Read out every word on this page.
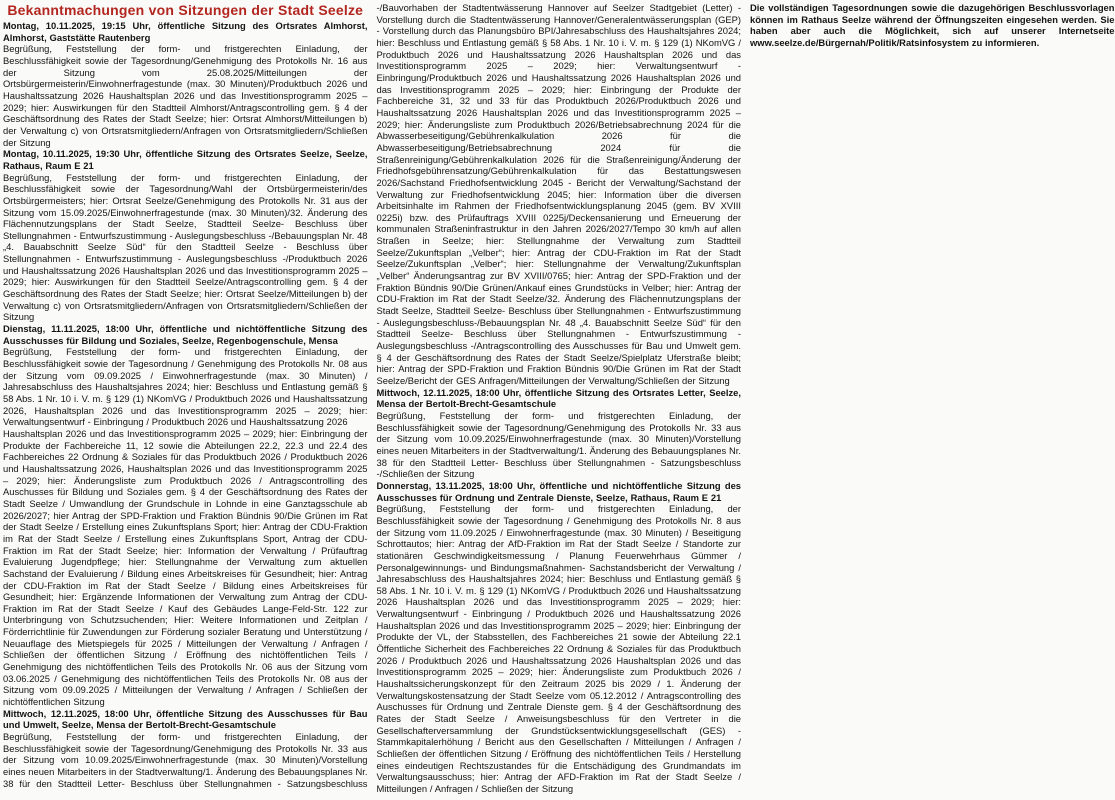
Bekanntmachungen von Sitzungen der Stadt Seelze
Montag, 10.11.2025, 19:15 Uhr, öffentliche Sitzung des Ortsrates Almhorst, Almhorst, Gaststätte Rautenberg

Begrüßung, Feststellung der form- und fristgerechten Einladung, der Beschlussfähigkeit sowie der Tagesordnung/Genehmigung des Protokolls Nr. 16 aus der Sitzung vom 25.08.2025/Mitteilungen der Ortsbürgermeisterin/Einwohnerfragestunde (max. 30 Minuten)/Produktbuch 2026 und Haushaltssatzung 2026 Haushaltsplan 2026 und das Investitionsprogramm 2025 – 2029; hier: Auswirkungen für den Stadtteil Almhorst/Antragscontrolling gem. § 4 der Geschäftsordnung des Rates der Stadt Seelze; hier: Ortsrat Almhorst/Mitteilungen b) der Verwaltung c) von Ortsratsmitgliedern/Anfragen von Ortsratsmitgliedern/Schließen der Sitzung

Montag, 10.11.2025, 19:30 Uhr, öffentliche Sitzung des Ortsrates Seelze, Seelze, Rathaus, Raum E 21

Begrüßung, Feststellung der form- und fristgerechten Einladung, der Beschlussfähigkeit sowie der Tagesordnung/Wahl der Ortsbürgermeisterin/des Ortsbürgermeisters; hier: Ortsrat Seelze/Genehmigung des Protokolls Nr. 31 aus der Sitzung vom 15.09.2025/Einwohnerfragestunde (max. 30 Minuten)/32. Änderung des Flächennutzungsplans der Stadt Seelze, Stadtteil Seelze- Beschluss über Stellungnahmen - Entwurfszustimmung - Auslegungsbeschluss -/Bebauungsplan Nr. 48 „4. Bauabschnitt Seelze Süd“ für den Stadtteil Seelze - Beschluss über Stellungnahmen - Entwurfszustimmung - Auslegungsbeschluss -/Produktbuch 2026 und Haushaltssatzung 2026 Haushaltsplan 2026 und das Investitionsprogramm 2025 – 2029; hier: Auswirkungen für den Stadtteil Seelze/Antragscontrolling gem. § 4 der Geschäftsordnung des Rates der Stadt Seelze; hier: Ortsrat Seelze/Mitteilungen b) der Verwaltung c) von Ortsratsmitgliedern/Anfragen von Ortsratsmitgliedern/Schließen der Sitzung

Dienstag, 11.11.2025, 18:00 Uhr, öffentliche und nichtöffentliche Sitzung des Ausschusses für Bildung und Soziales, Seelze, Regenbogenschule, Mensa

Begrüßung, Feststellung der form- und fristgerechten Einladung, der Beschlussfähigkeit sowie der Tagesordnung / Genehmigung des Protokolls Nr. 08 aus der Sitzung vom 09.09.2025 / Einwohnerfragestunde (max. 30 Minuten) / Jahresabschluss des Haushaltsjahres 2024; hier: Beschluss und Entlastung gemäß § 58 Abs. 1 Nr. 10 i. V. m. § 129 (1) NKomVG / Produktbuch 2026 und Haushaltssatzung 2026, Haushaltsplan 2026 und das Investitionsprogramm 2025 – 2029; hier: Verwaltungsentwurf - Einbringung / Produktbuch 2026 und Haushaltssatzung 2026

Haushaltsplan 2026 und das Investitionsprogramm 2025 – 2029; hier: Einbringung der Produkte der Fachbereiche 11, 12 sowie die Abteilungen 22.2, 22.3 und 22.4 des Fachbereiches 22 Ordnung & Soziales für das Produktbuch 2026 / Produktbuch 2026 und Haushaltssatzung 2026, Haushaltsplan 2026 und das Investitionsprogramm 2025 – 2029; hier: Änderungsliste zum Produktbuch 2026 / Antragscontrolling des Auschusses für Bildung und Soziales gem. § 4 der Geschäftsordnung des Rates der Stadt Seelze / Umwandlung der Grundschule in Lohnde in eine Ganztagsschule ab 2026/2027; hier Antrag der SPD-Fraktion und Fraktion Bündnis 90/Die Grünen im Rat der Stadt Seelze / Erstellung eines Zukunftsplans Sport; hier: Antrag der CDU-Fraktion im Rat der Stadt Seelze / Erstellung eines Zukunftsplans Sport, Antrag der CDU-Fraktion im Rat der Stadt Seelze; hier: Information der Verwaltung / Prüfauftrag Evaluierung Jugendpflege; hier: Stellungnahme der Verwaltung zum aktuellen Sachstand der Evaluierung / Bildung eines Arbeitskreises für Gesundheit; hier: Antrag der CDU-Fraktion im Rat der Stadt Seelze / Bildung eines Arbeitskreises für Gesundheit; hier: Ergänzende Informationen der Verwaltung zum Antrag der CDU-Fraktion im Rat der Stadt Seelze / Kauf des Gebäudes Lange-Feld-Str. 122 zur Unterbringung von Schutzsuchenden; Hier: Weitere Informationen und Zeitplan / Förderrichtlinie für Zuwendungen zur Förderung sozialer Beratung und Unterstützung / Neuauflage des Mietspiegels für 2025 / Mitteilungen der Verwaltung / Anfragen / Schließen der öffentlichen Sitzung / Eröffnung des nichtöffentlichen Teils / Genehmigung des nichtöffentlichen Teils des Protokolls Nr. 06 aus der Sitzung vom 03.06.2025 / Genehmigung des nichtöffentlichen Teils des Protokolls Nr. 08 aus der Sitzung vom 09.09.2025 / Mitteilungen der Verwaltung / Anfragen / Schließen der nichtöffentlichen Sitzung

Mittwoch, 12.11.2025, 18:00 Uhr, öffentliche Sitzung des Ausschusses für Bau und Umwelt, Seelze, Mensa der Bertolt-Brecht-Gesamtschule

Begrüßung, Feststellung der form- und fristgerechten Einladung, der Beschlussfähigkeit sowie der Tagesordnung/Genehmigung des Protokolls Nr. 33 aus der Sitzung vom 10.09.2025/Einwohnerfragestunde (max. 30 Minuten)/Vorstellung eines neuen Mitarbeiters in der Stadtverwaltung/1. Änderung des Bebauungsplanes Nr. 38 für den Stadtteil Letter- Beschluss über Stellungnahmen - Satzungsbeschluss -/Bauvorhaben der Stadtentwässerung Hannover auf Seelzer Stadtgebiet (Letter) - Vorstellung durch die Stadtentwässerung Hannover/Generalentwässerungsplan (GEP) - Vorstellung durch das Planungsbüro BPI/Jahresabschluss des Haushaltsjahres 2024; hier: Beschluss und Entlastung gemäß § 58 Abs. 1 Nr. 10 i. V. m. § 129 (1) NKomVG / Produktbuch 2026 und Haushaltssatzung 2026 Haushaltsplan 2026 und das Investitionsprogramm 2025 – 2029; hier: Verwaltungsentwurf - Einbringung/Produktbuch 2026 und Haushaltssatzung 2026 Haushaltsplan 2026 und das Investitionsprogramm 2025 – 2029; hier: Einbringung der Produkte der Fachbereiche 31, 32 und 33 für das Produktbuch 2026/Produktbuch 2026 und Haushaltssatzung 2026 Haushaltsplan 2026 und das Investitionsprogramm 2025 – 2029; hier: Änderungsliste zum Produktbuch 2026/Betriebsabrechnung 2024 für die Abwasserbeseitigung/Gebührenkalkulation 2026 für die Abwasserbeseitigung/Betriebsabrechnung 2024 für die Straßenreinigung/Gebührenkalkulation 2026 für die Straßenreinigung/Änderung der Friedhofsgebührensatzung/Gebührenkalkulation für das Bestattungswesen 2026/Sachstand Friedhofsentwicklung 2045 - Bericht der Verwaltung/Sachstand der Verwaltung zur Friedhofsentwicklung 2045; hier: Information über die diversen Arbeitsinhalte im Rahmen der Friedhofsentwicklungsplanung 2045 (gem. BV XVIII 0225i) bzw. des Prüfauftrags XVIII 0225j/Deckensanierung und Erneuerung der kommunalen Straßeninfrastruktur in den Jahren 2026/2027/Tempo 30 km/h auf allen Straßen in Seelze; hier: Stellungnahme der Verwaltung zum Stadtteil Seelze/Zukunftsplan „Velber“; hier: Antrag der CDU-Fraktion im Rat der Stadt Seelze/Zukunftsplan „Velber“; hier: Stellungnahme der Verwaltung/Zukunftsplan „Velber“ Änderungsantrag zur BV XVIII/0765; hier: Antrag der SPD-Fraktion und der Fraktion Bündnis 90/Die Grünen/Ankauf eines Grundstücks in Velber; hier: Antrag der CDU-Fraktion im Rat der Stadt Seelze/32. Änderung des Flächennutzungsplans der Stadt Seelze, Stadtteil Seelze- Beschluss über Stellungnahmen - Entwurfszustimmung - Auslegungsbeschluss-/Bebauungsplan Nr. 48 „4. Bauabschnitt Seelze Süd“ für den Stadtteil Seelze- Beschluss über Stellungnahmen - Entwurfszustimmung - Auslegungsbeschluss -/Antragscontrolling des Ausschusses für Bau und Umwelt gem. § 4 der Geschäftsordnung des Rates der Stadt Seelze/Spielplatz Uferstraße bleibt; hier: Antrag der SPD-Fraktion und Fraktion Bündnis 90/Die Grünen im Rat der Stadt Seelze/Bericht der GES Anfragen/Mitteilungen der Verwaltung/Schließen der Sitzung

Mittwoch, 12.11.2025, 18:00 Uhr, öffentliche Sitzung des Ortsrates Letter, Seelze, Mensa der Bertolt-Brecht-Gesamtschule

Begrüßung, Feststellung der form- und fristgerechten Einladung, der Beschlussfähigkeit sowie der Tagesordnung/Genehmigung des Protokolls Nr. 33 aus der Sitzung vom 10.09.2025/Einwohnerfragestunde (max. 30 Minuten)/Vorstellung eines neuen Mitarbeiters in der Stadtverwaltung/1. Änderung des Bebauungsplanes Nr. 38 für den Stadtteil Letter- Beschluss über Stellungnahmen - Satzungsbeschluss -/Schließen der Sitzung

Donnerstag, 13.11.2025, 18:00 Uhr, öffentliche und nichtöffentliche Sitzung des Ausschusses für Ordnung und Zentrale Dienste, Seelze, Rathaus, Raum E 21

Begrüßung, Feststellung der form- und fristgerechten Einladung, der Beschlussfähigkeit sowie der Tagesordnung / Genehmigung des Protokolls Nr. 8 aus der Sitzung vom 11.09.2025 / Einwohnerfragestunde (max. 30 Minuten) / Beseitigung Schrottautos; hier: Antrag der AfD-Fraktion im Rat der Stadt Seelze / Standorte zur stationären Geschwindigkeitsmessung / Planung Feuerwehrhaus Gümmer / Personalgewinnungs- und Bindungsmaßnahmen- Sachstandsbericht der Verwaltung / Jahresabschluss des Haushaltsjahres 2024; hier: Beschluss und Entlastung gemäß § 58 Abs. 1 Nr. 10 i. V. m. § 129 (1) NKomVG / Produktbuch 2026 und Haushaltssatzung 2026 Haushaltsplan 2026 und das Investitionsprogramm 2025 – 2029; hier: Verwaltungsentwurf - Einbringung / Produktbuch 2026 und Haushaltssatzung 2026 Haushaltsplan 2026 und das Investitionsprogramm 2025 – 2029; hier: Einbringung der Produkte der VL, der Stabsstellen, des Fachbereiches 21 sowie der Abteilung 22.1 Öffentliche Sicherheit des Fachbereiches 22 Ordnung & Soziales für das Produktbuch 2026 / Produktbuch 2026 und Haushaltssatzung 2026 Haushaltsplan 2026 und das Investitionsprogramm 2025 – 2029; hier: Änderungsliste zum Produktbuch 2026 / Haushaltssicherungskonzept für den Zeitraum 2025 bis 2029 / 1. Änderung der Verwaltungskostensatzung der Stadt Seelze vom 05.12.2012 / Antragscontrolling des Auschusses für Ordnung und Zentrale Dienste gem. § 4 der Geschäftsordnung des Rates der Stadt Seelze / Anweisungsbeschluss für den Vertreter in die Gesellschafterversammlung der Grundstücksentwicklungsgesellschaft (GES) - Stammkapitalerhöhung / Bericht aus den Gesellschaften / Mitteilungen / Anfragen / Schließen der öffentlichen Sitzung / Eröffnung des nichtöffentlichen Teils / Herstellung eines eindeutigen Rechtszustandes für die Entschädigung des Grundmandats im Verwaltungsausschuss; hier: Antrag der AFD-Fraktion im Rat der Stadt Seelze / Mitteilungen / Anfragen / Schließen der Sitzung

Die vollständigen Tagesordnungen sowie die dazugehörigen Beschlussvorlagen können im Rathaus Seelze während der Öffnungszeiten eingesehen werden. Sie haben aber auch die Möglichkeit, sich auf unserer Internetseite www.seelze.de/Bürgernah/Politik/Ratsinfosystem zu informieren.
